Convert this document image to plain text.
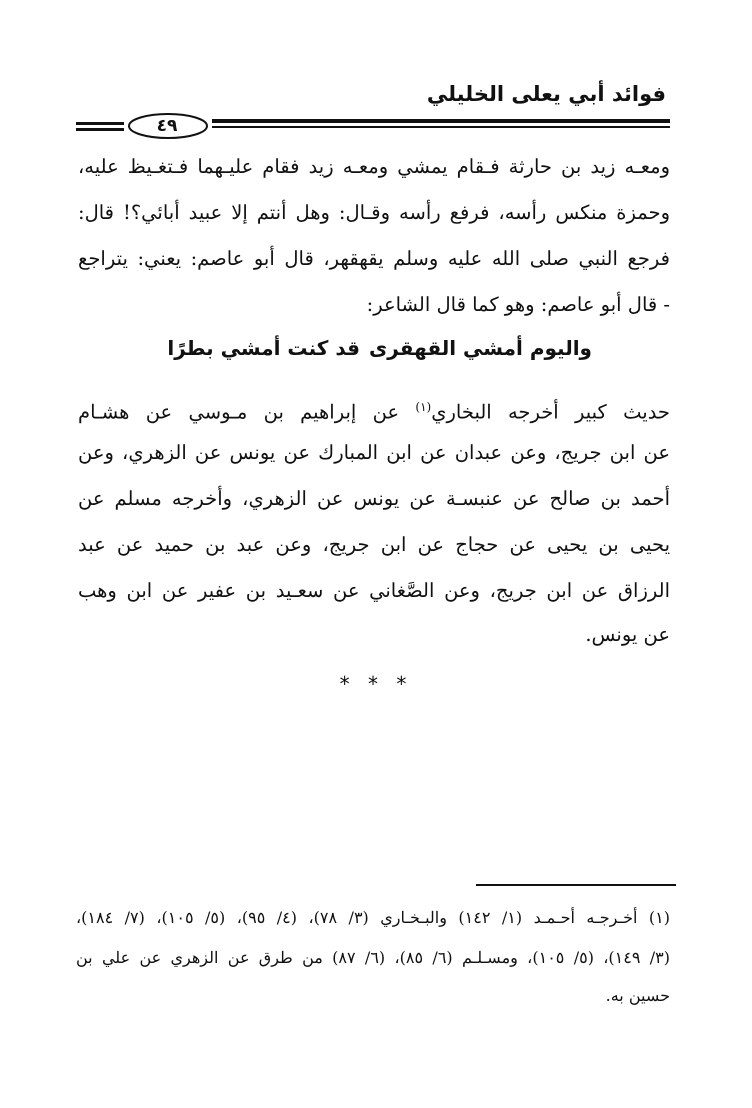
فوائد أبي يعلى الخليلي
٤٩
ومعـه زيد بن حارثة فـقام يمشي ومعـه زيد فقام عليـهما فـتغـيظ عليه،
وحمزة منكس رأسه، فرفع رأسه وقـال: وهل أنتم إلا عبيد أبائي؟! قال:
فرجع النبي صلى الله عليه وسلم يقهقهر، قال أبو عاصم: يعني: يتراجع
- قال أبو عاصم: وهو كما قال الشاعر:
قد كنت أمشي بطرًا واليوم أمشي القهقرى
حديث كبير أخرجه البخاري$^{(١)}$ عن إبراهيم بن مـوسي عن هشـام
عن ابن جريج، وعن عبدان عن ابن المبارك عن يونس عن الزهري، وعن
أحمد بن صالح عن عنبسـة عن يونس عن الزهري، وأخرجه مسلم عن
يحيى بن يحيى عن حجاج عن ابن جريج، وعن عبد بن حميد عن عبد
الرزاق عن ابن جريج، وعن الصَّغاني عن سعـيد بن عفير عن ابن وهب
عن يونس.
* * *
(١) أخـرجـه أحـمـد (١/ ١٤٢) والبـخـاري (٣/ ٧٨)، (٤/ ٩٥)، (٥/ ١٠٥)، (٧/ ١٨٤)،
(٣/ ١٤٩)، (٥/ ١٠٥)، ومسـلـم (٦/ ٨٥)، (٦/ ٨٧) من طرق عن الزهري عن علي بن
حسين به.
